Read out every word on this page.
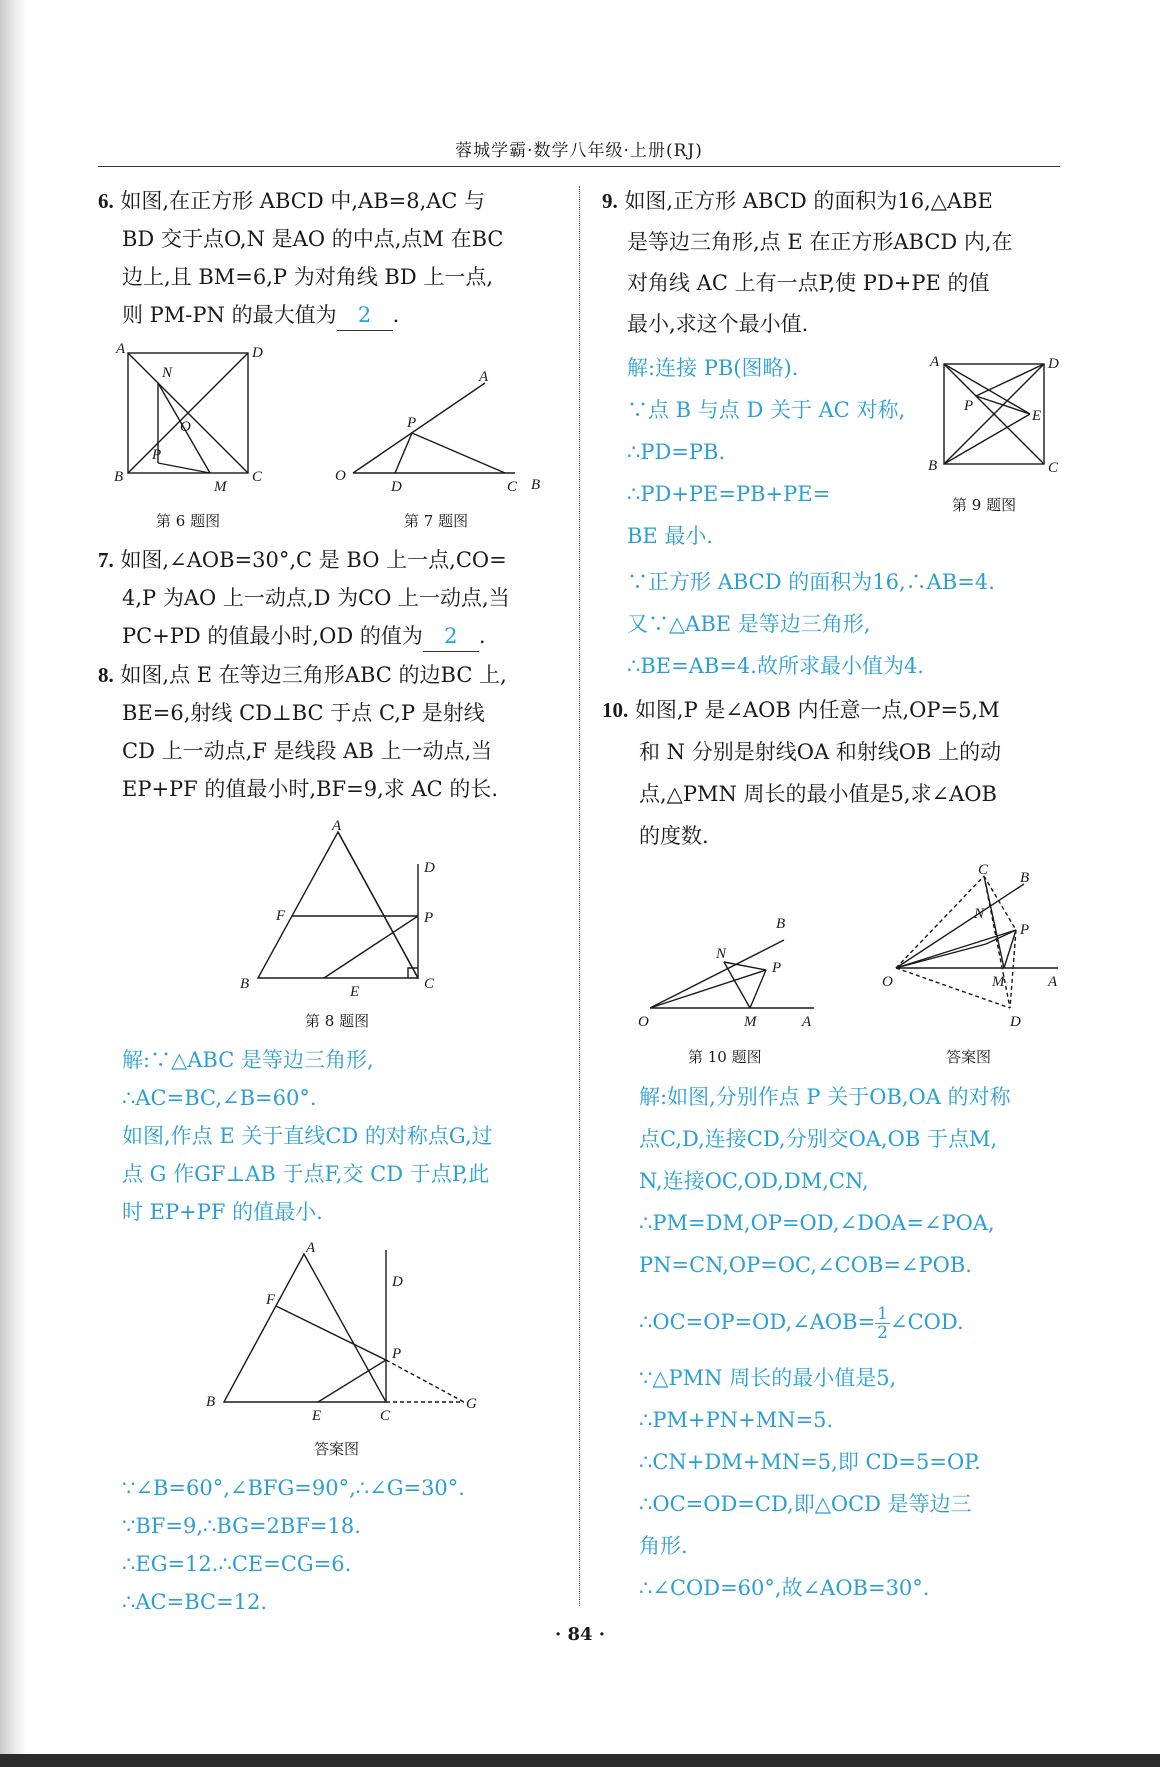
蓉城学霸·数学八年级·上册(RJ)
6. 如图,在正方形 ABCD 中,AB=8,AC 与
BD 交于点O,N 是AO 的中点,点M 在BC
边上,且 BM=6,P 为对角线 BD 上一点,
则 PM-PN 的最大值为 2 .
A	D
N
O
P
B
M
C
第 6 题图
A
P
O
D	C B
第 7 题图
7. 如图,∠AOB=30°,C 是 BO 上一点,CO=
4,P 为AO 上一动点,D 为CO 上一动点,当
PC+PD 的值最小时,OD 的值为 2 .
8. 如图,点 E 在等边三角形ABC 的边BC 上,
BE=6,射线 CD⊥BC 于点 C,P 是射线
CD 上一动点,F 是线段 AB 上一动点,当
EP+PF 的值最小时,BF=9,求 AC 的长.
A
D
F	P
B	E	C
第 8 题图
解:∵△ABC 是等边三角形,
∴AC=BC,∠B=60°.
如图,作点 E 关于直线CD 的对称点G,过
点 G 作GF⊥AB 于点F,交 CD 于点P,此
时 EP+PF 的值最小.
A
D
F
P
B
E	C
G
答案图
∵∠B=60°,∠BFG=90°,∴∠G=30°.
∵BF=9,∴BG=2BF=18.
∴EG=12.∴CE=CG=6.
∴AC=BC=12.
9. 如图,正方形 ABCD 的面积为16,△ABE
是等边三角形,点 E 在正方形ABCD 内,在
对角线 AC 上有一点P,使 PD+PE 的值
最小,求这个最小值.
解:连接 PB(图略).
∵点 B 与点 D 关于 AC 对称,
∴PD=PB.
∴PD+PE=PB+PE=
BE 最小.
A	D
P
E
B	C
第 9 题图
∵正方形 ABCD 的面积为16,∴AB=4.
又∵△ABE 是等边三角形,
∴BE=AB=4.故所求最小值为4.
10. 如图,P 是∠AOB 内任意一点,OP=5,M
和 N 分别是射线OA 和射线OB 上的动
点,△PMN 周长的最小值是5,求∠AOB
的度数.
B
N
P
O	M	A
第 10 题图
C B
N
P
O	M	A
D
答案图
解:如图,分别作点 P 关于OB,OA 的对称
点C,D,连接CD,分别交OA,OB 于点M,
N,连接OC,OD,DM,CN,
∴PM=DM,OP=OD,∠DOA=∠POA,
PN=CN,OP=OC,∠COB=∠POB.
∴OC=OP=OD,∠AOB= $\frac{1}{2}$ ∠COD.
∵△PMN 周长的最小值是5,
∴PM+PN+MN=5.
∴CN+DM+MN=5,即 CD=5=OP.
∴OC=OD=CD,即△OCD 是等边三
角形.
∴∠COD=60°,故∠AOB=30°.
· 84 ·
